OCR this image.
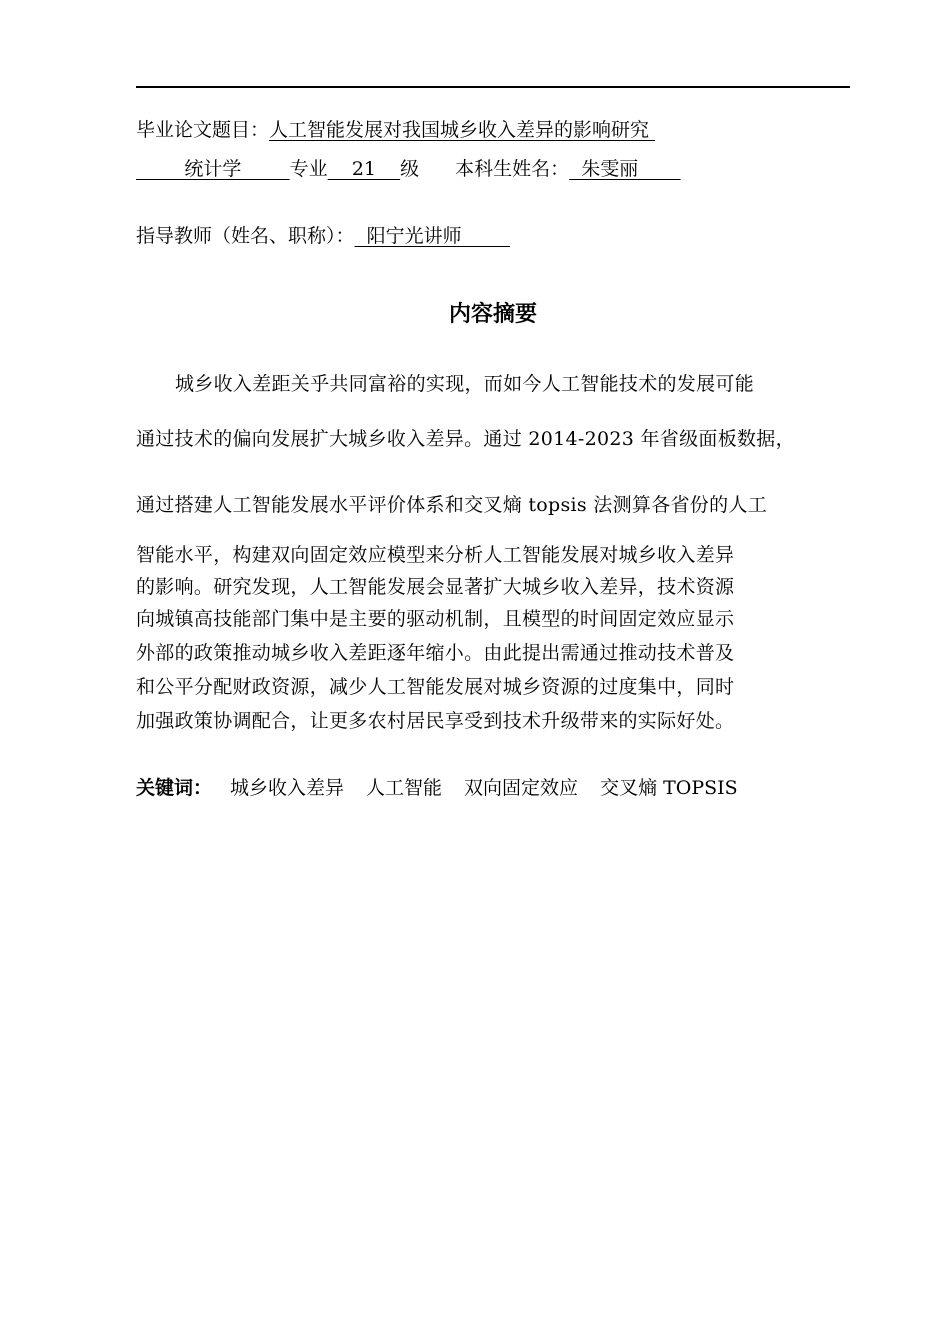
毕业论文题目：人工智能发展对我国城乡收入差异的影响研究
统计学        专业    21    级 本科生姓名：  朱雯丽
指导教师（姓名、职称）：  阳宁光讲师
内容摘要
城乡收入差距关乎共同富裕的实现，而如今人工智能技术的发展可能
通过技术的偏向发展扩大城乡收入差异。通过 2014-2023 年省级面板数据，
通过搭建人工智能发展水平评价体系和交叉熵 topsis 法测算各省份的人工
智能水平，构建双向固定效应模型来分析人工智能发展对城乡收入差异
的影响。研究发现，人工智能发展会显著扩大城乡收入差异，技术资源
向城镇高技能部门集中是主要的驱动机制，且模型的时间固定效应显示
外部的政策推动城乡收入差距逐年缩小。由此提出需通过推动技术普及
和公平分配财政资源，减少人工智能发展对城乡资源的过度集中，同时
加强政策协调配合，让更多农村居民享受到技术升级带来的实际好处。
关键词： 城乡收入差异 人工智能 双向固定效应 交叉熵 TOPSIS
